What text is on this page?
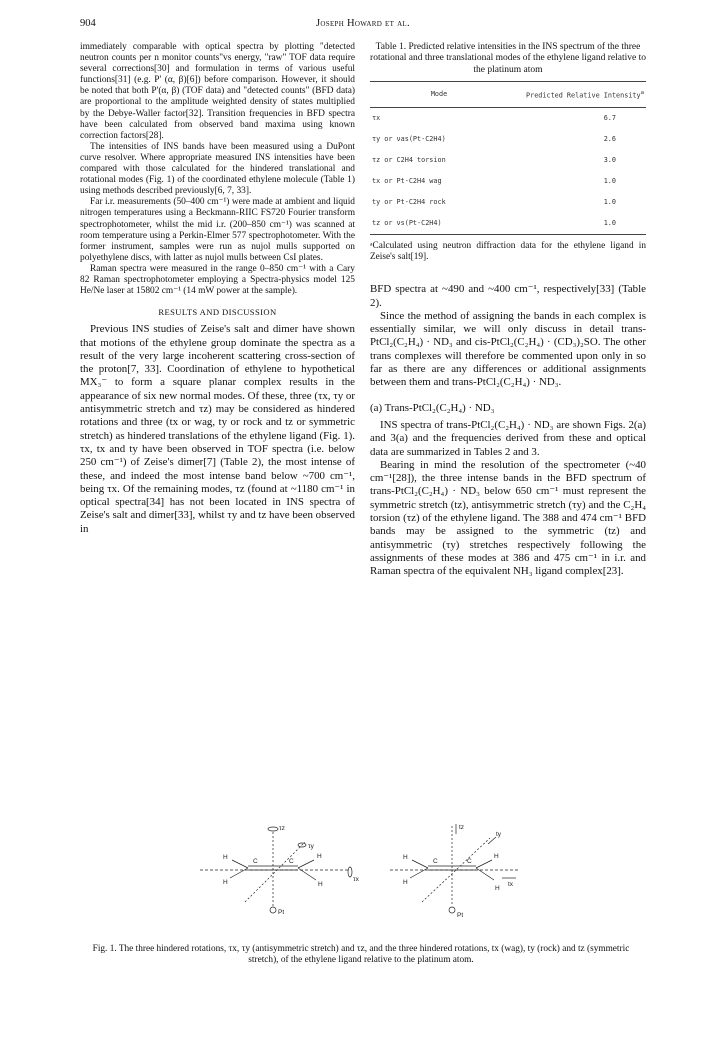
904	Joseph Howard et al.

immediately comparable with optical spectra by plotting "detected neutron counts per n monitor counts"vs energy, "raw" TOF data require several corrections[30] and formulation in terms of various useful functions[31] (e.g. P' (α, β)[6]) before comparison. However, it should be noted that both P'(α, β) (TOF data) and "detected counts" (BFD data) are proportional to the amplitude weighted density of states multiplied by the Debye-Waller factor[32]. Transition frequencies in BFD spectra have been calculated from observed band maxima using known correction factors[28].

The intensities of INS bands have been measured using a DuPont curve resolver. Where appropriate measured INS intensities have been compared with those calculated for the hindered translational and rotational modes (Fig. 1) of the coordinated ethylene molecule (Table 1) using methods described previously[6, 7, 33].

Far i.r. measurements (50–400 cm⁻¹) were made at ambient and liquid nitrogen temperatures using a Beckmann-RIIC FS720 Fourier transform spectrophotometer, whilst the mid i.r. (200–850 cm⁻¹) was scanned at room temperature using a Perkin-Elmer 577 spectrophotometer. With the former instrument, samples were run as nujol mulls supported on polyethylene discs, with latter as nujol mulls between CsI plates.

Raman spectra were measured in the range 0–850 cm⁻¹ with a Cary 82 Raman spectrophotometer employing a Spectra-physics model 125 He/Ne laser at 15802 cm⁻¹ (14 mW power at the sample).

RESULTS AND DISCUSSION

Previous INS studies of Zeise's salt and dimer have shown that motions of the ethylene group dominate the spectra as a result of the very large incoherent scattering cross-section of the proton[7, 33]. Coordination of ethylene to hypothetical MX₃⁻ to form a square planar complex results in the appearance of six new normal modes. Of these, three (τx, τy or antisymmetric stretch and τz) may be considered as hindered rotations and three (tx or wag, ty or rock and tz or symmetric stretch) as hindered translations of the ethylene ligand (Fig. 1). τx, tx and ty have been observed in TOF spectra (i.e. below 250 cm⁻¹) of Zeise's dimer[7] (Table 2), the most intense of these, and indeed the most intense band below ~700 cm⁻¹, being τx. Of the remaining modes, τz (found at ~1180 cm⁻¹ in optical spectra[34] has not been located in INS spectra of Zeise's salt and dimer[33], whilst τy and tz have been observed in

Table 1. Predicted relative intensities in the INS spectrum of the three rotational and three translational modes of the ethylene ligand relative to the platinum atom
Mode	Predicted Relative Intensity$^a$
τx	6.7
τy or νas(Pt-C2H4)	2.6
τz or C2H4 torsion	3.0
tx or Pt-C2H4 wag	1.0
ty or Pt-C2H4 rock	1.0
tz or νs(Pt-C2H4)	1.0
ᵃCalculated using neutron diffraction data for the ethylene ligand in Zeise's salt[19].

BFD spectra at ~490 and ~400 cm⁻¹, respectively[33] (Table 2).

Since the method of assigning the bands in each complex is essentially similar, we will only discuss in detail trans-PtCl₂(C₂H₄) · ND₃ and cis-PtCl₂(C₂H₄) · (CD₃)₂SO. The other trans complexes will therefore be commented upon only in so far as there are any differences or additional assignments between them and trans-PtCl₂(C₂H₄) · ND₃.

(a) Trans-PtCl₂(C₂H₄) · ND₃

INS spectra of trans-PtCl₂(C₂H₄) · ND₃ are shown Figs. 2(a) and 3(a) and the frequencies derived from these and optical data are summarized in Tables 2 and 3.

Bearing in mind the resolution of the spectrometer (~40 cm⁻¹[28]), the three intense bands in the BFD spectrum of trans-PtCl₂(C₂H₄) · ND₃ below 650 cm⁻¹ must represent the symmetric stretch (tz), antisymmetric stretch (τy) and the C₂H₄ torsion (τz) of the ethylene ligand. The 388 and 474 cm⁻¹ BFD bands may be assigned to the symmetric (tz) and antisymmetric (τy) stretches respectively following the assignments of these modes at 386 and 475 cm⁻¹ in i.r. and Raman spectra of the equivalent NH₃ ligand complex[23].

τz
τy
τx
H
H
H
H
C	C
Pt
tz
ty
tx
H
H
H
H
C	C
Pt
Fig. 1. The three hindered rotations, τx, τy (antisymmetric stretch) and τz, and the three hindered rotations, tx (wag), ty (rock) and tz (symmetric stretch), of the ethylene ligand relative to the platinum atom.
